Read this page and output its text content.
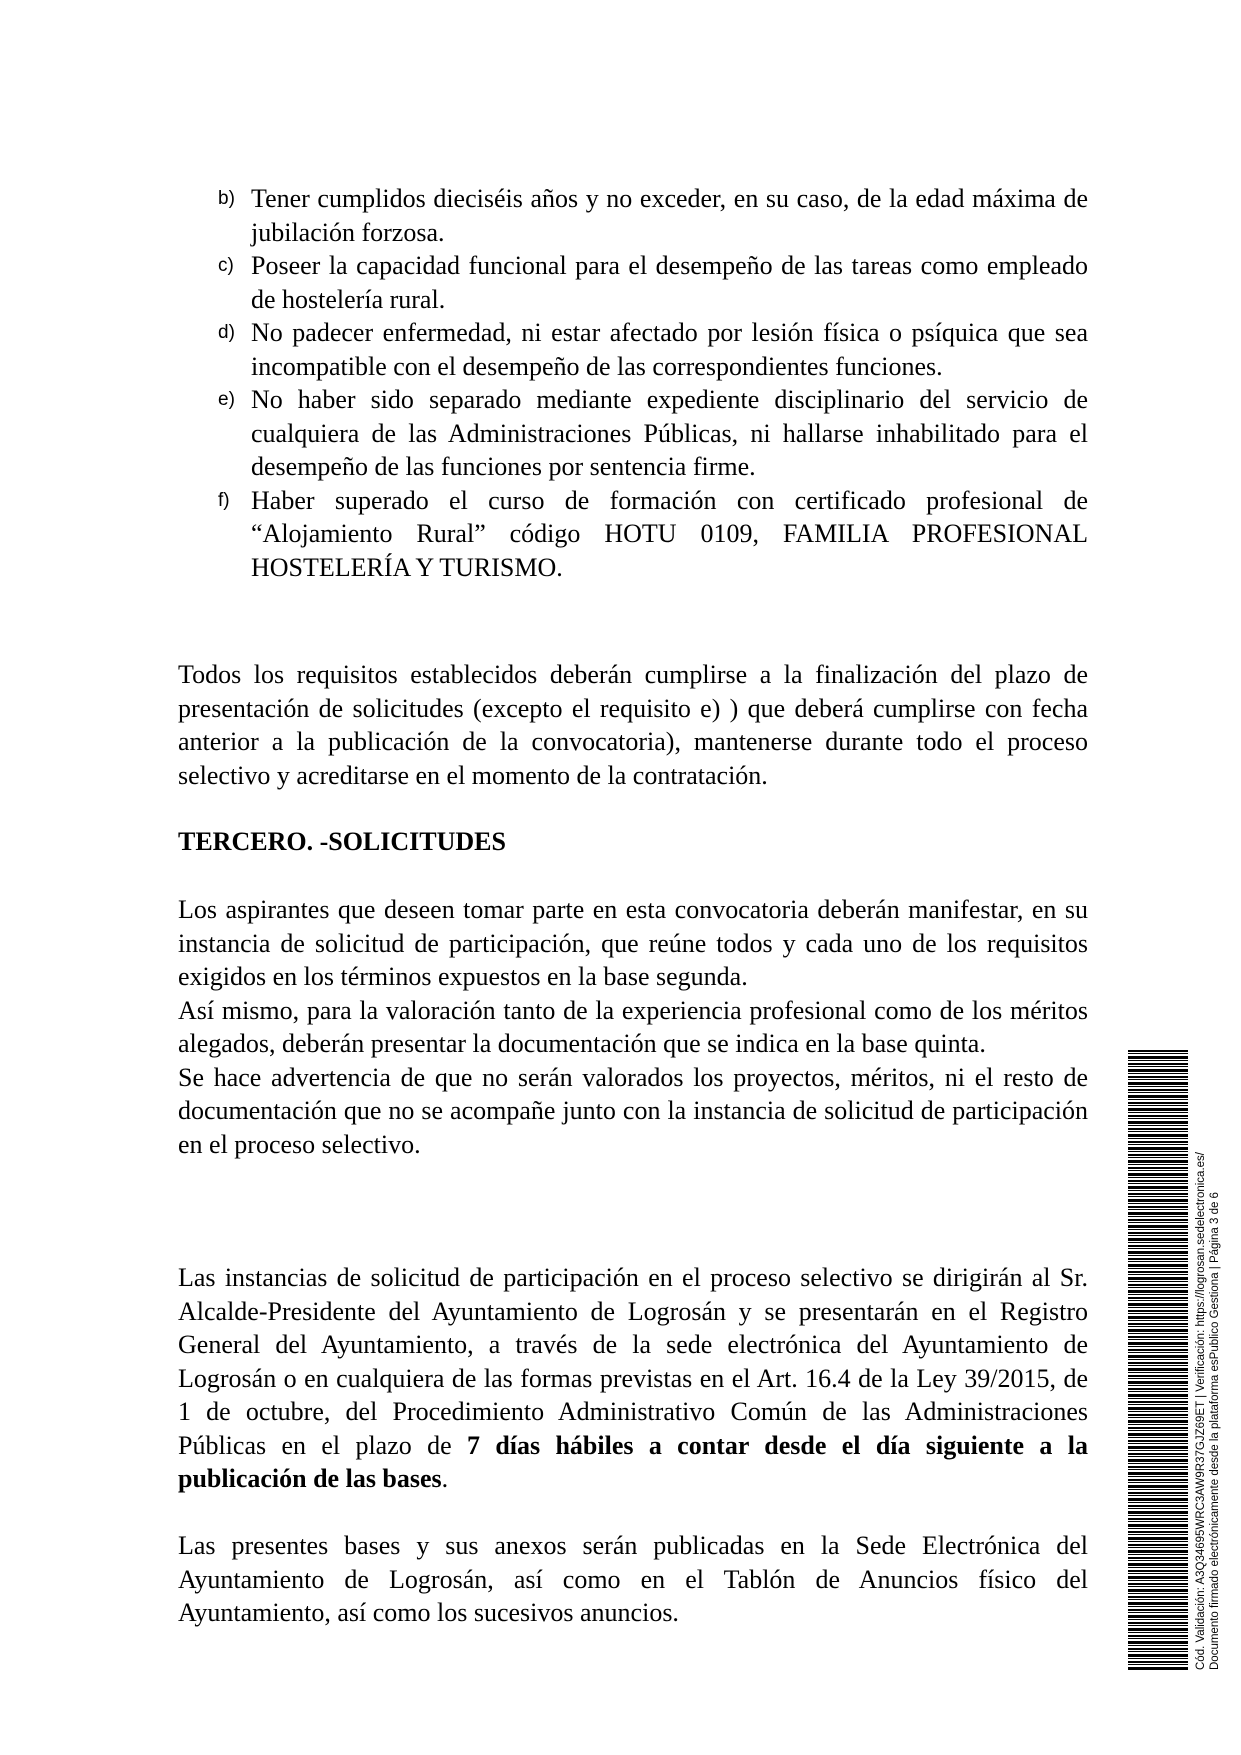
b) Tener cumplidos dieciséis años y no exceder, en su caso, de la edad máxima de jubilación forzosa.
c) Poseer la capacidad funcional para el desempeño de las tareas como empleado de hostelería rural.
d) No padecer enfermedad, ni estar afectado por lesión física o psíquica que sea incompatible con el desempeño de las correspondientes funciones.
e) No haber sido separado mediante expediente disciplinario del servicio de cualquiera de las Administraciones Públicas, ni hallarse inhabilitado para el desempeño de las funciones por sentencia firme.
f) Haber superado el curso de formación con certificado profesional de “Alojamiento Rural” código HOTU 0109, FAMILIA PROFESIONAL HOSTELERÍA Y TURISMO.

Todos los requisitos establecidos deberán cumplirse a la finalización del plazo de presentación de solicitudes (excepto el requisito e) ) que deberá cumplirse con fecha anterior a la publicación de la convocatoria), mantenerse durante todo el proceso selectivo y acreditarse en el momento de la contratación.

TERCERO. -SOLICITUDES

Los aspirantes que deseen tomar parte en esta convocatoria deberán manifestar, en su instancia de solicitud de participación, que reúne todos y cada uno de los requisitos exigidos en los términos expuestos en la base segunda.

Así mismo, para la valoración tanto de la experiencia profesional como de los méritos alegados, deberán presentar la documentación que se indica en la base quinta.

Se hace advertencia de que no serán valorados los proyectos, méritos, ni el resto de documentación que no se acompañe junto con la instancia de solicitud de participación en el proceso selectivo.

Las instancias de solicitud de participación en el proceso selectivo se dirigirán al Sr. Alcalde-Presidente del Ayuntamiento de Logrosán y se presentarán en el Registro General del Ayuntamiento, a través de la sede electrónica del Ayuntamiento de Logrosán o en cualquiera de las formas previstas en el Art. 16.4 de la Ley 39/2015, de 1 de octubre, del Procedimiento Administrativo Común de las Administraciones Públicas en el plazo de 7 días hábiles a contar desde el día siguiente a la publicación de las bases.

Las presentes bases y sus anexos serán publicadas en la Sede Electrónica del Ayuntamiento de Logrosán, así como en el Tablón de Anuncios físico del Ayuntamiento, así como los sucesivos anuncios.	Cód. Validación: A3Q34695WRC3AW9R37GJZ69ET | Verificación: https://logrosan.sedelectronica.es/ Documento firmado electrónicamente desde la plataforma esPublico Gestiona | Página 3 de 6
